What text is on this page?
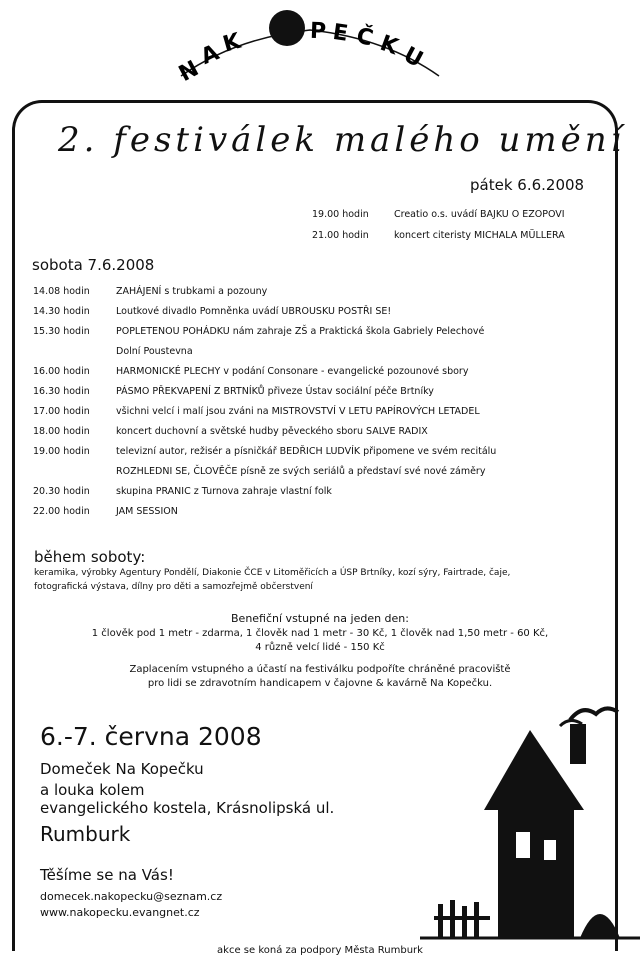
N
A
K	P E Č K
U
2. festiválek malého umění
pátek 6.6.2008
19.00 hodin	Creatio o.s. uvádí BAJKU O EZOPOVI
21.00 hodin	koncert citeristy MICHALA MÜLLERA
sobota 7.6.2008
14.08 hodin	ZAHÁJENÍ s trubkami a pozouny
14.30 hodin	Loutkové divadlo Pomněnka uvádí UBROUSKU POSTŘI SE!
15.30 hodin	POPLETENOU POHÁDKU nám zahraje ZŠ a Praktická škola Gabriely Pelechové
Dolní Poustevna
16.00 hodin	HARMONICKÉ PLECHY v podání Consonare - evangelické pozounové sbory
16.30 hodin	PÁSMO PŘEKVAPENÍ Z BRTNÍKŮ přiveze Ústav sociální péče Brtníky
17.00 hodin	všichni velcí i malí jsou zváni na MISTROVSTVÍ V LETU PAPÍROVÝCH LETADEL
18.00 hodin	koncert duchovní a světské hudby pěveckého sboru SALVE RADIX
19.00 hodin	televizní autor, režisér a písničkář BEDŘICH LUDVÍK připomene ve svém recitálu
ROZHLEDNI SE, ČLOVĚČE písně ze svých seriálů a představí své nové záměry
20.30 hodin	skupina PRANIC z Turnova zahraje vlastní folk
22.00 hodin	JAM SESSION
během soboty:
keramika, výrobky Agentury Pondělí, Diakonie ČCE v Litoměřicích a ÚSP Brtníky, kozí sýry, Fairtrade, čaje,
fotografická výstava, dílny pro děti a samozřejmě občerstvení
Benefiční vstupné na jeden den:
1 člověk pod 1 metr - zdarma, 1 člověk nad 1 metr - 30 Kč, 1 člověk nad 1,50 metr - 60 Kč,
4 různě velcí lidé - 150 Kč
Zaplacením vstupného a účastí na festiválku podpoříte chráněné pracoviště
pro lidi se zdravotním handicapem v čajovne & kavárně Na Kopečku.
6.-7. června 2008
Domeček Na Kopečku
a louka kolem
evangelického kostela, Krásnolipská ul.
Rumburk
Těšíme se na Vás!
domecek.nakopecku@seznam.cz
www.nakopecku.evangnet.cz
akce se koná za podpory Města Rumburk
